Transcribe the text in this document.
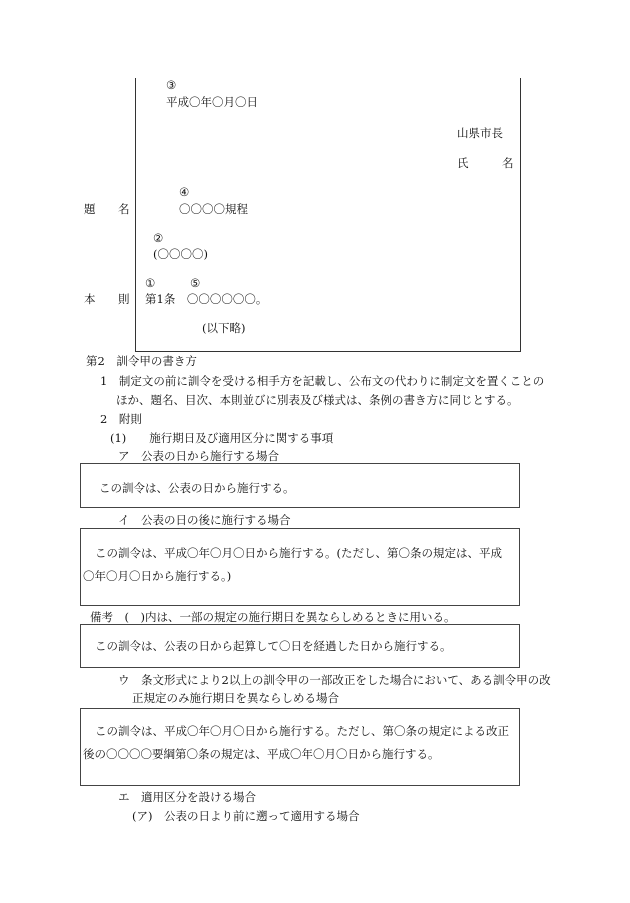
③
平成〇年〇月〇日
山県市長
氏	名
④
題 名	〇〇〇〇規程
②
(〇〇〇〇)
①	⑤
本 則 第1条　〇〇〇〇〇〇。
(以下略)
第2　訓令甲の書き方
1　制定文の前に訓令を受ける相手方を記載し、公布文の代わりに制定文を置くことの
ほか、題名、目次、本則並びに別表及び様式は、条例の書き方に同じとする。
2　附則
(1)　　施行期日及び適用区分に関する事項
ア　公表の日から施行する場合
この訓令は、公表の日から施行する。
イ　公表の日の後に施行する場合
この訓令は、平成〇年〇月〇日から施行する。(ただし、第〇条の規定は、平成
〇年〇月〇日から施行する。)
備考　(　)内は、一部の規定の施行期日を異ならしめるときに用いる。
この訓令は、公表の日から起算して〇日を経過した日から施行する。
ウ　条文形式により2以上の訓令甲の一部改正をした場合において、ある訓令甲の改
正規定のみ施行期日を異ならしめる場合
この訓令は、平成〇年〇月〇日から施行する。ただし、第〇条の規定による改正
後の〇〇〇〇要綱第〇条の規定は、平成〇年〇月〇日から施行する。
エ　適用区分を設ける場合
(ア)　公表の日より前に遡って適用する場合
